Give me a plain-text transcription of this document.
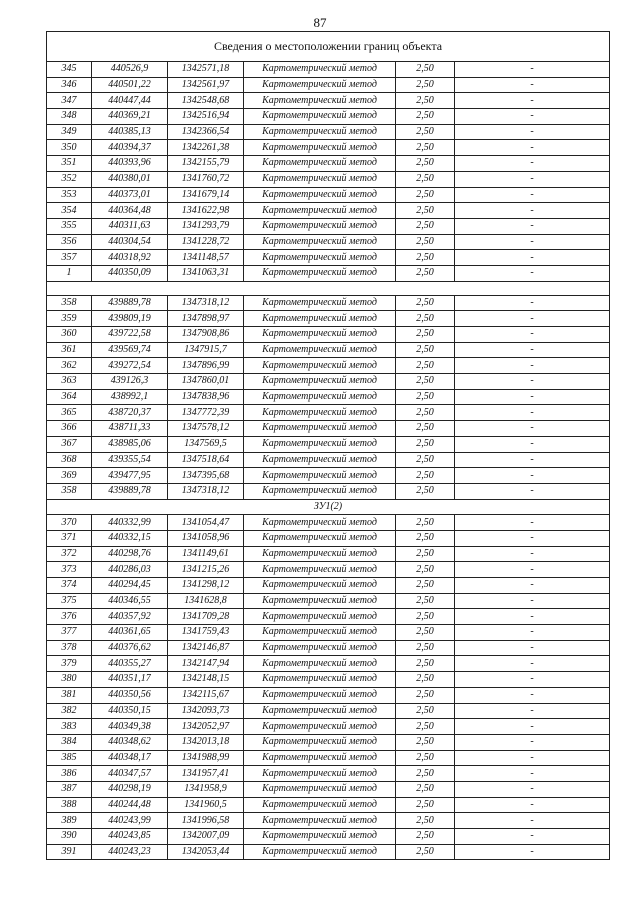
87
Сведения о местоположении границ объекта					
345	440526,9	1342571,18	Картометрический метод	2,50	-
346	440501,22	1342561,97	Картометрический метод	2,50	-
347	440447,44	1342548,68	Картометрический метод	2,50	-
348	440369,21	1342516,94	Картометрический метод	2,50	-
349	440385,13	1342366,54	Картометрический метод	2,50	-
350	440394,37	1342261,38	Картометрический метод	2,50	-
351	440393,96	1342155,79	Картометрический метод	2,50	-
352	440380,01	1341760,72	Картометрический метод	2,50	-
353	440373,01	1341679,14	Картометрический метод	2,50	-
354	440364,48	1341622,98	Картометрический метод	2,50	-
355	440311,63	1341293,79	Картометрический метод	2,50	-
356	440304,54	1341228,72	Картометрический метод	2,50	-
357	440318,92	1341148,57	Картометрический метод	2,50	-
1	440350,09	1341063,31	Картометрический метод	2,50	-

358	439889,78	1347318,12	Картометрический метод	2,50	-
359	439809,19	1347898,97	Картометрический метод	2,50	-
360	439722,58	1347908,86	Картометрический метод	2,50	-
361	439569,74	1347915,7	Картометрический метод	2,50	-
362	439272,54	1347896,99	Картометрический метод	2,50	-
363	439126,3	1347860,01	Картометрический метод	2,50	-
364	438992,1	1347838,96	Картометрический метод	2,50	-
365	438720,37	1347772,39	Картометрический метод	2,50	-
366	438711,33	1347578,12	Картометрический метод	2,50	-
367	438985,06	1347569,5	Картометрический метод	2,50	-
368	439355,54	1347518,64	Картометрический метод	2,50	-
369	439477,95	1347395,68	Картометрический метод	2,50	-
358	439889,78	1347318,12	Картометрический метод	2,50	-
ЗУ1(2)					
370	440332,99	1341054,47	Картометрический метод	2,50	-
371	440332,15	1341058,96	Картометрический метод	2,50	-
372	440298,76	1341149,61	Картометрический метод	2,50	-
373	440286,03	1341215,26	Картометрический метод	2,50	-
374	440294,45	1341298,12	Картометрический метод	2,50	-
375	440346,55	1341628,8	Картометрический метод	2,50	-
376	440357,92	1341709,28	Картометрический метод	2,50	-
377	440361,65	1341759,43	Картометрический метод	2,50	-
378	440376,62	1342146,87	Картометрический метод	2,50	-
379	440355,27	1342147,94	Картометрический метод	2,50	-
380	440351,17	1342148,15	Картометрический метод	2,50	-
381	440350,56	1342115,67	Картометрический метод	2,50	-
382	440350,15	1342093,73	Картометрический метод	2,50	-
383	440349,38	1342052,97	Картометрический метод	2,50	-
384	440348,62	1342013,18	Картометрический метод	2,50	-
385	440348,17	1341988,99	Картометрический метод	2,50	-
386	440347,57	1341957,41	Картометрический метод	2,50	-
387	440298,19	1341958,9	Картометрический метод	2,50	-
388	440244,48	1341960,5	Картометрический метод	2,50	-
389	440243,99	1341996,58	Картометрический метод	2,50	-
390	440243,85	1342007,09	Картометрический метод	2,50	-
391	440243,23	1342053,44	Картометрический метод	2,50	-
